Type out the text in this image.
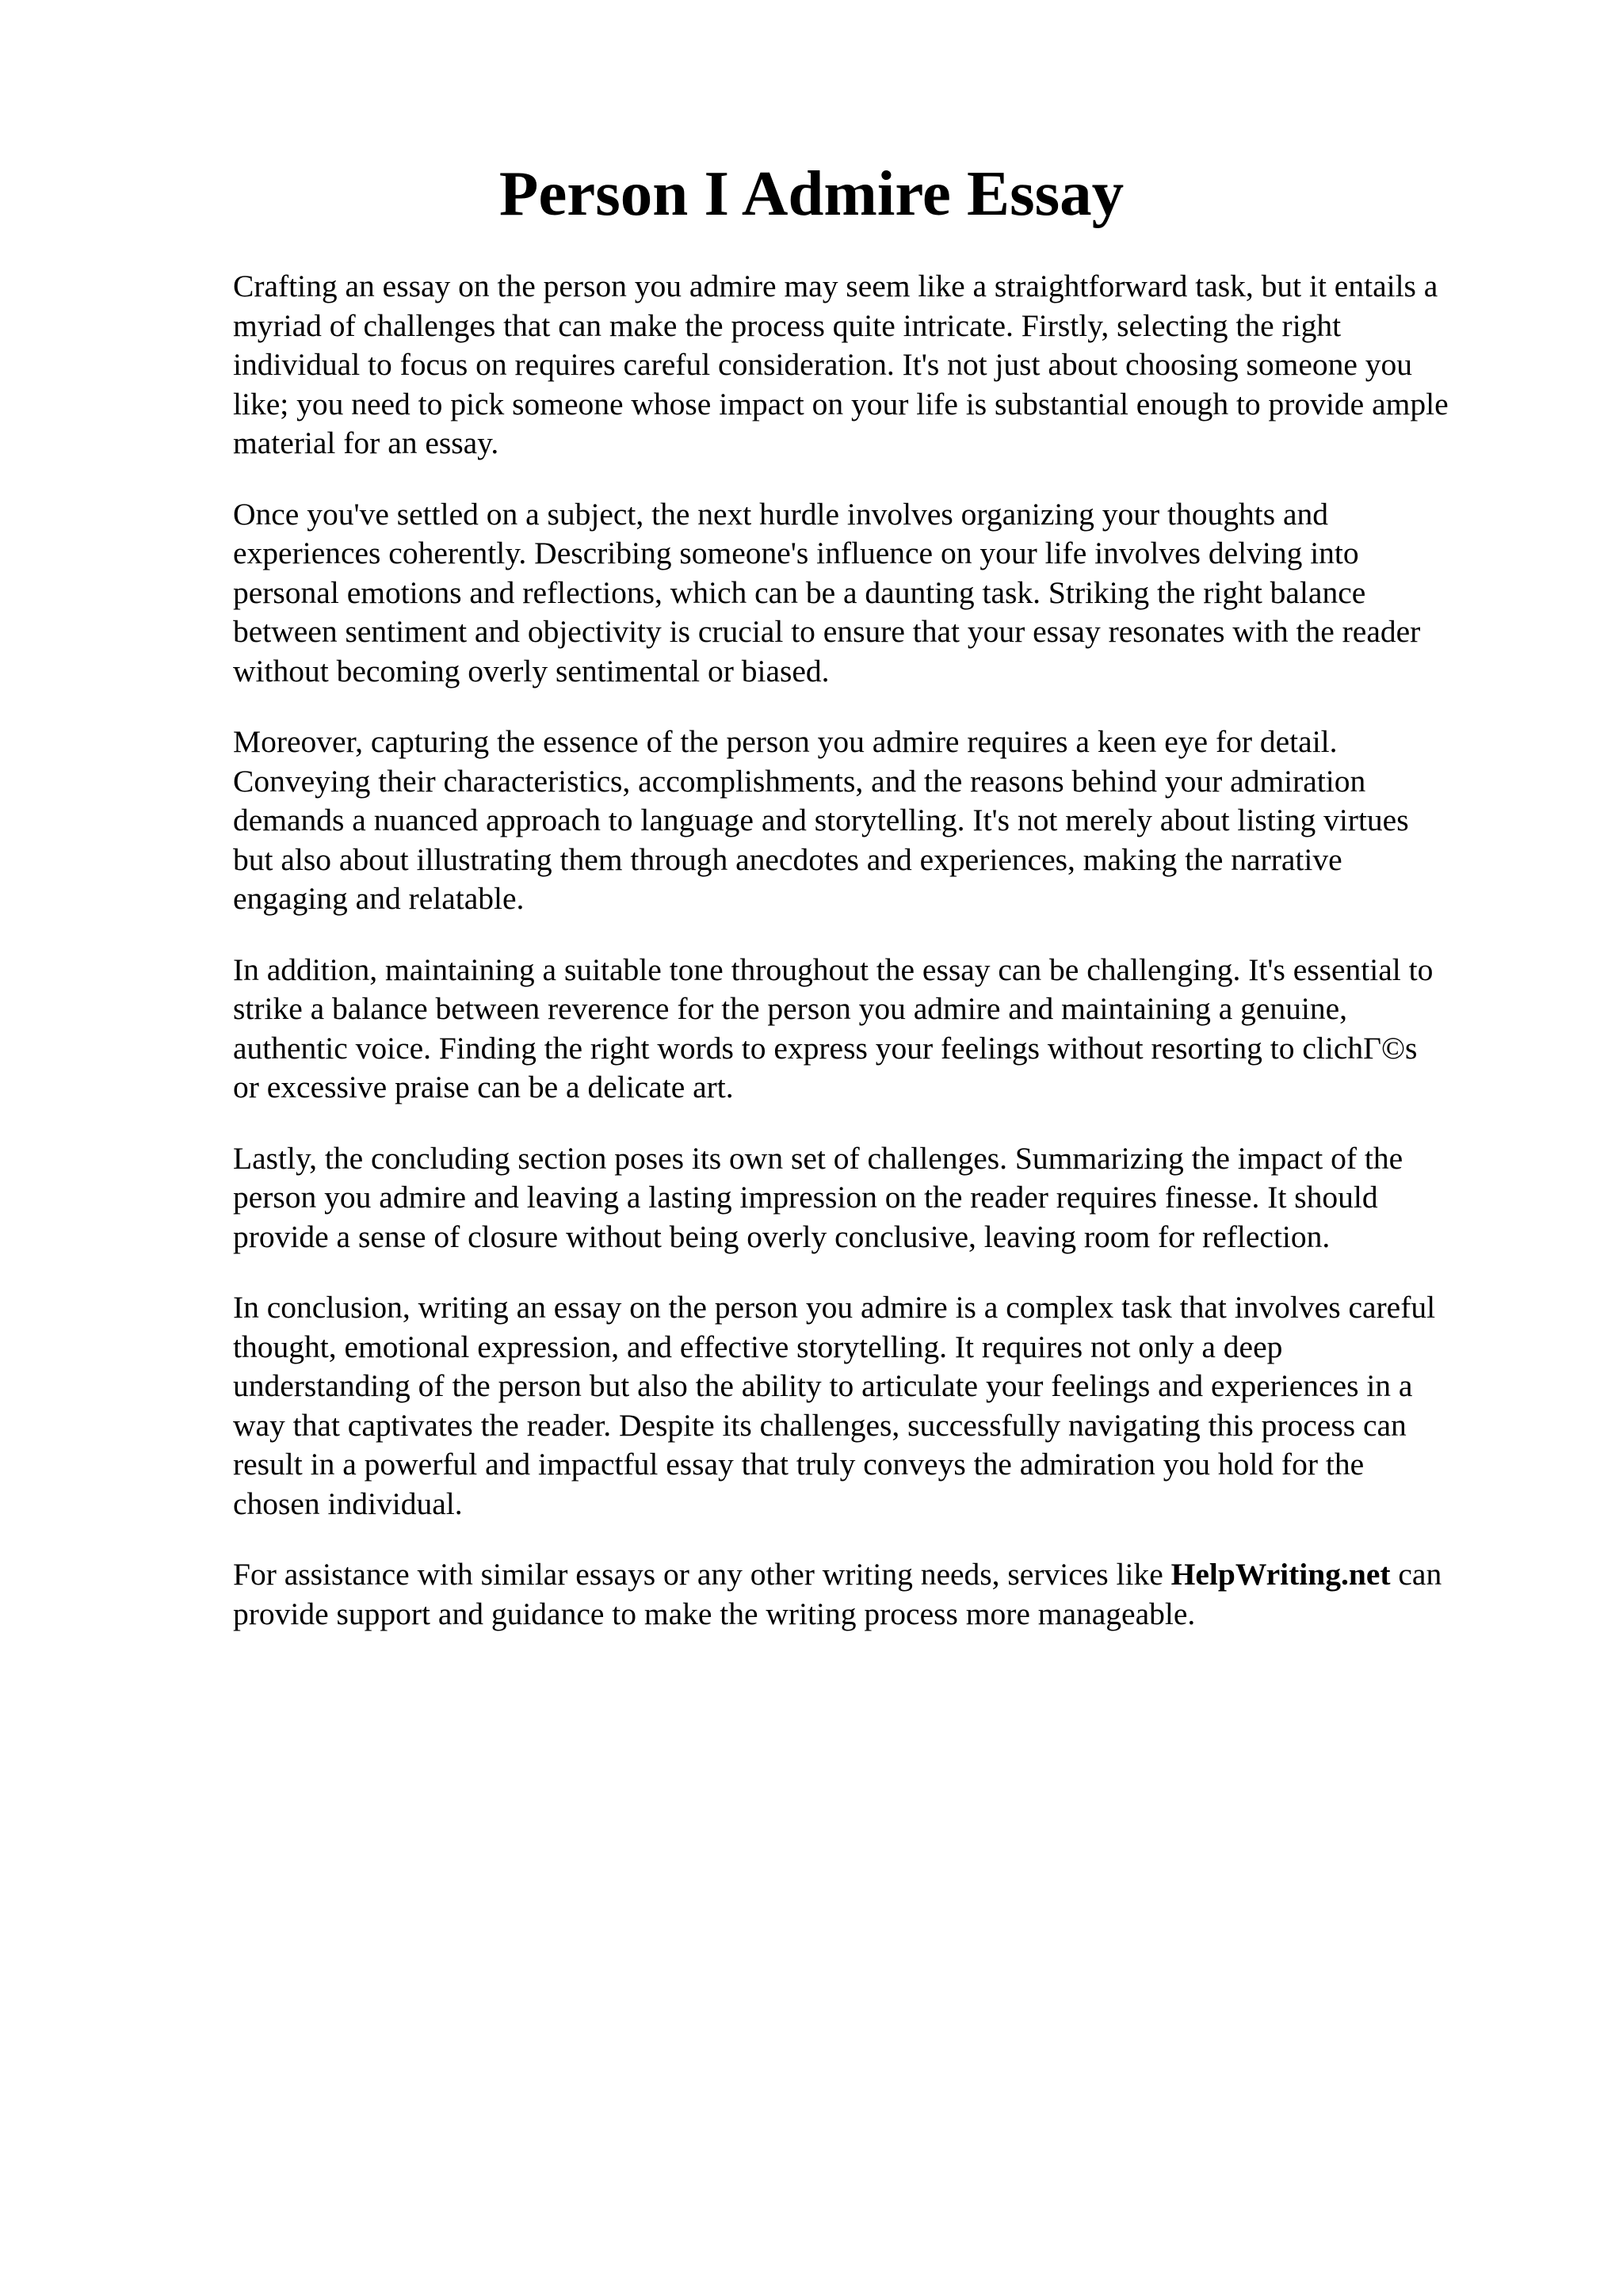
Person I Admire Essay

Crafting an essay on the person you admire may seem like a straightforward task, but it entails a
myriad of challenges that can make the process quite intricate. Firstly, selecting the right
individual to focus on requires careful consideration. It's not just about choosing someone you
like; you need to pick someone whose impact on your life is substantial enough to provide ample
material for an essay.

Once you've settled on a subject, the next hurdle involves organizing your thoughts and
experiences coherently. Describing someone's influence on your life involves delving into
personal emotions and reflections, which can be a daunting task. Striking the right balance
between sentiment and objectivity is crucial to ensure that your essay resonates with the reader
without becoming overly sentimental or biased.

Moreover, capturing the essence of the person you admire requires a keen eye for detail.
Conveying their characteristics, accomplishments, and the reasons behind your admiration
demands a nuanced approach to language and storytelling. It's not merely about listing virtues
but also about illustrating them through anecdotes and experiences, making the narrative
engaging and relatable.

In addition, maintaining a suitable tone throughout the essay can be challenging. It's essential to
strike a balance between reverence for the person you admire and maintaining a genuine,
authentic voice. Finding the right words to express your feelings without resorting to clichГ©s
or excessive praise can be a delicate art.

Lastly, the concluding section poses its own set of challenges. Summarizing the impact of the
person you admire and leaving a lasting impression on the reader requires finesse. It should
provide a sense of closure without being overly conclusive, leaving room for reflection.

In conclusion, writing an essay on the person you admire is a complex task that involves careful
thought, emotional expression, and effective storytelling. It requires not only a deep
understanding of the person but also the ability to articulate your feelings and experiences in a
way that captivates the reader. Despite its challenges, successfully navigating this process can
result in a powerful and impactful essay that truly conveys the admiration you hold for the
chosen individual.

For assistance with similar essays or any other writing needs, services like HelpWriting.net can
provide support and guidance to make the writing process more manageable.
